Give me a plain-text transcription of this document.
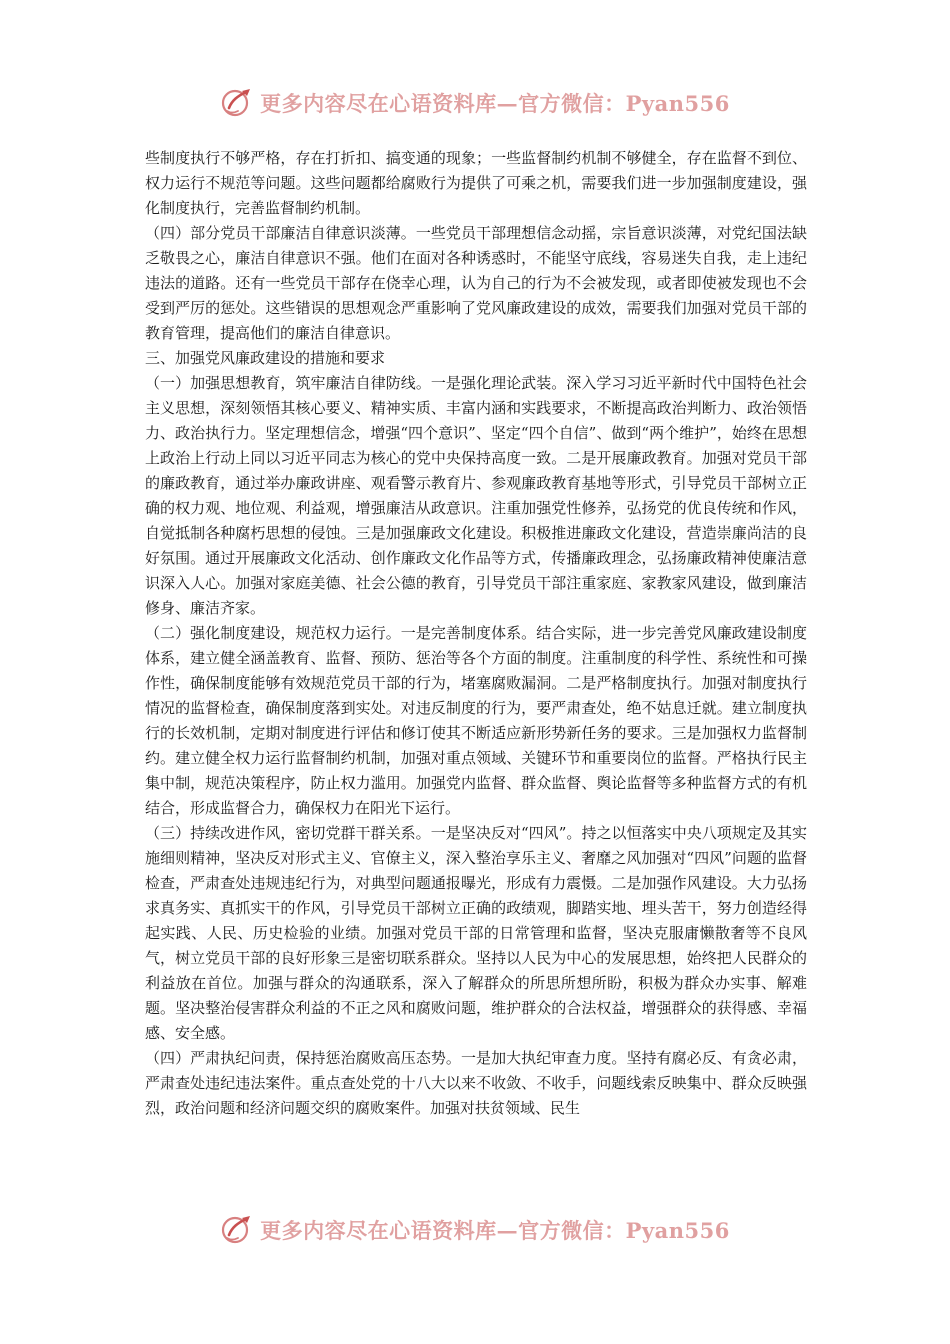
更多内容尽在心语资料库—官方微信：Pyan556

些制度执行不够严格，存在打折扣、搞变通的现象；一些监督制约机制不够健全，存在监督不到位、权力运行不规范等问题。这些问题都给腐败行为提供了可乘之机，需要我们进一步加强制度建设，强化制度执行，完善监督制约机制。

（四）部分党员干部廉洁自律意识淡薄。一些党员干部理想信念动摇，宗旨意识淡薄，对党纪国法缺乏敬畏之心，廉洁自律意识不强。他们在面对各种诱惑时，不能坚守底线，容易迷失自我，走上违纪违法的道路。还有一些党员干部存在侥幸心理，认为自己的行为不会被发现，或者即使被发现也不会受到严厉的惩处。这些错误的思想观念严重影响了党风廉政建设的成效，需要我们加强对党员干部的教育管理，提高他们的廉洁自律意识。

三、加强党风廉政建设的措施和要求

（一）加强思想教育，筑牢廉洁自律防线。一是强化理论武装。深入学习习近平新时代中国特色社会主义思想，深刻领悟其核心要义、精神实质、丰富内涵和实践要求，不断提高政治判断力、政治领悟力、政治执行力。坚定理想信念，增强“四个意识”、坚定“四个自信”、做到“两个维护”，始终在思想上政治上行动上同以习近平同志为核心的党中央保持高度一致。二是开展廉政教育。加强对党员干部的廉政教育，通过举办廉政讲座、观看警示教育片、参观廉政教育基地等形式，引导党员干部树立正确的权力观、地位观、利益观，增强廉洁从政意识。注重加强党性修养，弘扬党的优良传统和作风，自觉抵制各种腐朽思想的侵蚀。三是加强廉政文化建设。积极推进廉政文化建设，营造崇廉尚洁的良好氛围。通过开展廉政文化活动、创作廉政文化作品等方式，传播廉政理念，弘扬廉政精神使廉洁意识深入人心。加强对家庭美德、社会公德的教育，引导党员干部注重家庭、家教家风建设，做到廉洁修身、廉洁齐家。

（二）强化制度建设，规范权力运行。一是完善制度体系。结合实际，进一步完善党风廉政建设制度体系，建立健全涵盖教育、监督、预防、惩治等各个方面的制度。注重制度的科学性、系统性和可操作性，确保制度能够有效规范党员干部的行为，堵塞腐败漏洞。二是严格制度执行。加强对制度执行情况的监督检查，确保制度落到实处。对违反制度的行为，要严肃查处，绝不姑息迁就。建立制度执行的长效机制，定期对制度进行评估和修订使其不断适应新形势新任务的要求。三是加强权力监督制约。建立健全权力运行监督制约机制，加强对重点领域、关键环节和重要岗位的监督。严格执行民主集中制，规范决策程序，防止权力滥用。加强党内监督、群众监督、舆论监督等多种监督方式的有机结合，形成监督合力，确保权力在阳光下运行。

（三）持续改进作风，密切党群干群关系。一是坚决反对“四风”。持之以恒落实中央八项规定及其实施细则精神，坚决反对形式主义、官僚主义，深入整治享乐主义、奢靡之风加强对“四风”问题的监督检查，严肃查处违规违纪行为，对典型问题通报曝光，形成有力震慑。二是加强作风建设。大力弘扬求真务实、真抓实干的作风，引导党员干部树立正确的政绩观，脚踏实地、埋头苦干，努力创造经得起实践、人民、历史检验的业绩。加强对党员干部的日常管理和监督，坚决克服庸懒散奢等不良风气，树立党员干部的良好形象三是密切联系群众。坚持以人民为中心的发展思想，始终把人民群众的利益放在首位。加强与群众的沟通联系，深入了解群众的所思所想所盼，积极为群众办实事、解难题。坚决整治侵害群众利益的不正之风和腐败问题，维护群众的合法权益，增强群众的获得感、幸福感、安全感。

（四）严肃执纪问责，保持惩治腐败高压态势。一是加大执纪审查力度。坚持有腐必反、有贪必肃，严肃查处违纪违法案件。重点查处党的十八大以来不收敛、不收手，问题线索反映集中、群众反映强烈，政治问题和经济问题交织的腐败案件。加强对扶贫领域、民生

更多内容尽在心语资料库—官方微信：Pyan556
